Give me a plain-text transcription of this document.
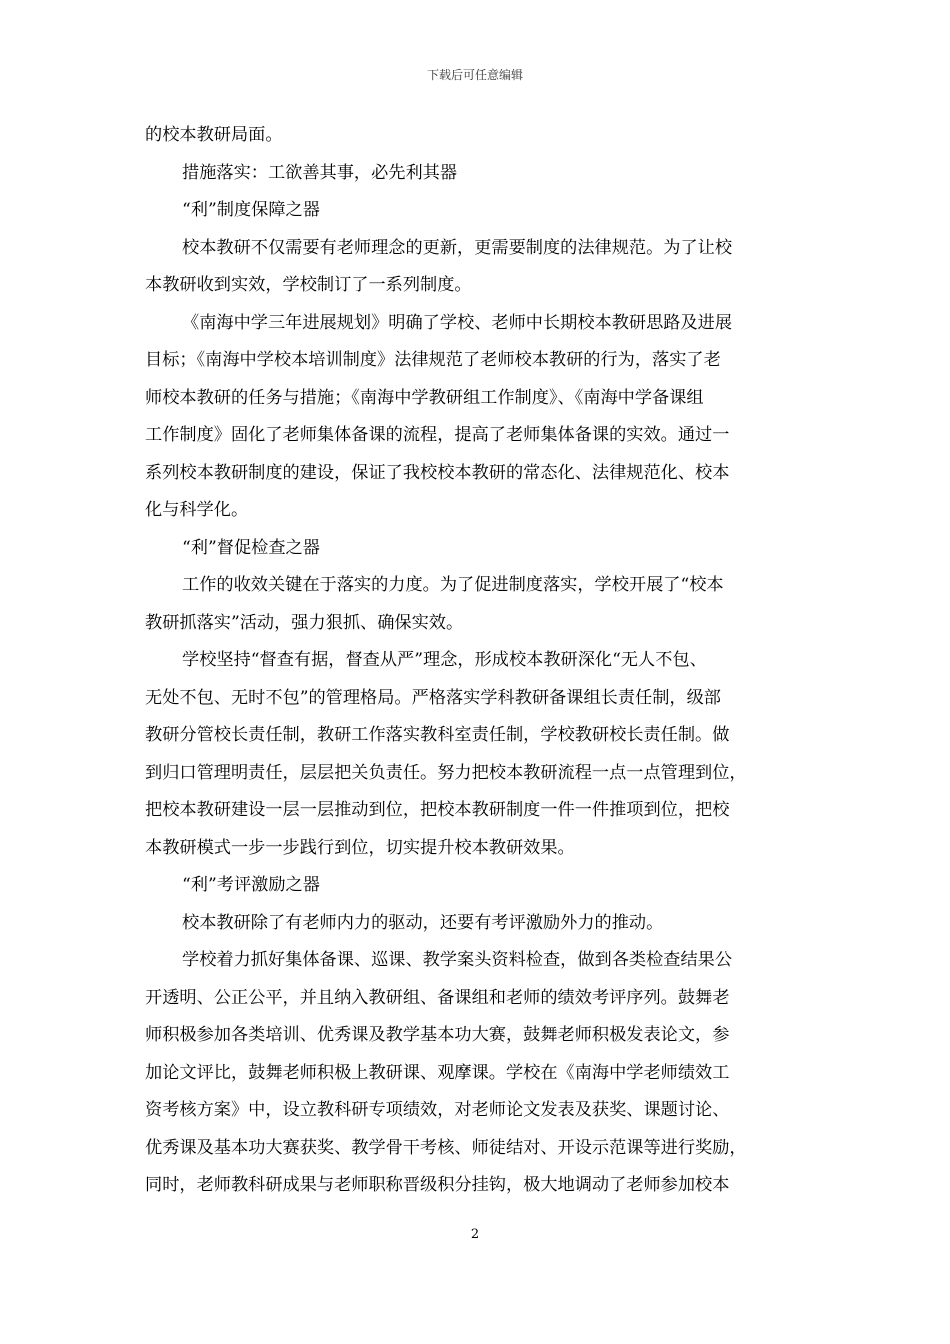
下载后可任意编辑
的校本教研局面。
措施落实：工欲善其事，必先利其器
“利”制度保障之器
校本教研不仅需要有老师理念的更新，更需要制度的法律规范。为了让校
本教研收到实效，学校制订了一系列制度。
《南海中学三年进展规划》明确了学校、老师中长期校本教研思路及进展
目标；《南海中学校本培训制度》法律规范了老师校本教研的行为，落实了老
师校本教研的任务与措施；《南海中学教研组工作制度》、《南海中学备课组
工作制度》固化了老师集体备课的流程，提高了老师集体备课的实效。通过一
系列校本教研制度的建设，保证了我校校本教研的常态化、法律规范化、校本
化与科学化。
“利”督促检查之器
工作的收效关键在于落实的力度。为了促进制度落实，学校开展了“校本
教研抓落实”活动，强力狠抓、确保实效。
学校坚持“督查有据，督查从严”理念，形成校本教研深化“无人不包、
无处不包、无时不包”的管理格局。严格落实学科教研备课组长责任制，级部
教研分管校长责任制，教研工作落实教科室责任制，学校教研校长责任制。做
到归口管理明责任，层层把关负责任。努力把校本教研流程一点一点管理到位，
把校本教研建设一层一层推动到位，把校本教研制度一件一件推项到位，把校
本教研模式一步一步践行到位，切实提升校本教研效果。
“利”考评激励之器
校本教研除了有老师内力的驱动，还要有考评激励外力的推动。
学校着力抓好集体备课、巡课、教学案头资料检查，做到各类检查结果公
开透明、公正公平，并且纳入教研组、备课组和老师的绩效考评序列。鼓舞老
师积极参加各类培训、优秀课及教学基本功大赛，鼓舞老师积极发表论文，参
加论文评比，鼓舞老师积极上教研课、观摩课。学校在《南海中学老师绩效工
资考核方案》中，设立教科研专项绩效，对老师论文发表及获奖、课题讨论、
优秀课及基本功大赛获奖、教学骨干考核、师徒结对、开设示范课等进行奖励，
同时，老师教科研成果与老师职称晋级积分挂钩，极大地调动了老师参加校本
2
